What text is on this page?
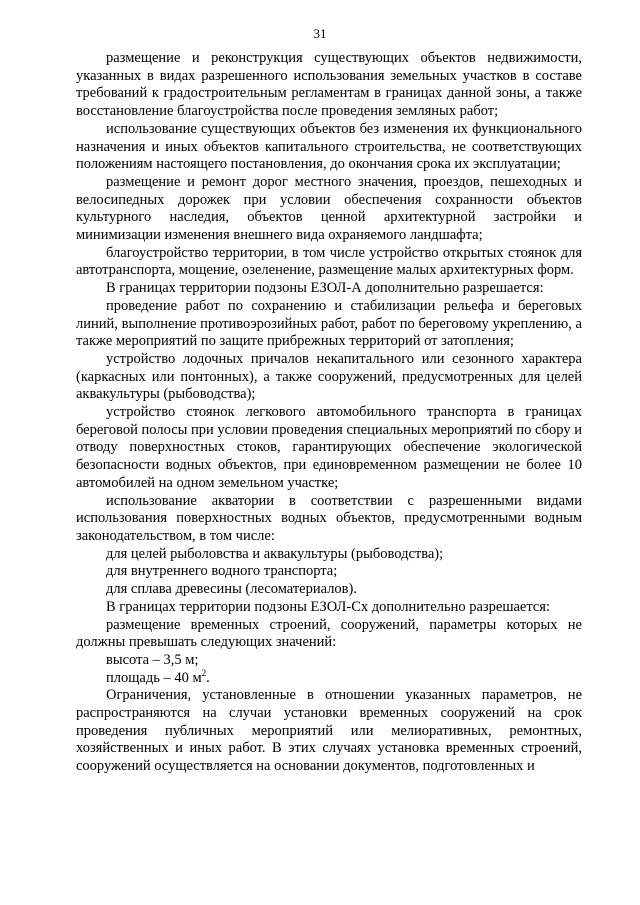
31

размещение и реконструкция существующих объектов недвижимости, указанных в видах разрешенного использования земельных участков в составе требований к градостроительным регламентам в границах данной зоны, а также восстановление благоустройства после проведения земляных работ;

использование существующих объектов без изменения их функционального назначения и иных объектов капитального строительства, не соответствующих положениям настоящего постановления, до окончания срока их эксплуатации;

размещение и ремонт дорог местного значения, проездов, пешеходных и велосипедных дорожек при условии обеспечения сохранности объектов культурного наследия, объектов ценной архитектурной застройки и минимизации изменения внешнего вида охраняемого ландшафта;

благоустройство территории, в том числе устройство открытых стоянок для автотранспорта, мощение, озеленение, размещение малых архитектурных форм.

В границах территории подзоны ЕЗОЛ-А дополнительно разрешается:

проведение работ по сохранению и стабилизации рельефа и береговых линий, выполнение противоэрозийных работ, работ по береговому укреплению, а также мероприятий по защите прибрежных территорий от затопления;

устройство лодочных причалов некапитального или сезонного характера (каркасных или понтонных), а также сооружений, предусмотренных для целей аквакультуры (рыбоводства);

устройство стоянок легкового автомобильного транспорта в границах береговой полосы при условии проведения специальных мероприятий по сбору и отводу поверхностных стоков, гарантирующих обеспечение экологической безопасности водных объектов, при единовременном размещении не более 10 автомобилей на одном земельном участке;

использование акватории в соответствии с разрешенными видами использования поверхностных водных объектов, предусмотренными водным законодательством, в том числе:

для целей рыболовства и аквакультуры (рыбоводства);

для внутреннего водного транспорта;

для сплава древесины (лесоматериалов).

В границах территории подзоны ЕЗОЛ-Сх дополнительно разрешается:

размещение временных строений, сооружений, параметры которых не должны превышать следующих значений:

высота – 3,5 м;

площадь – 40 $м^2$.

Ограничения, установленные в отношении указанных параметров, не распространяются на случаи установки временных сооружений на срок проведения публичных мероприятий или мелиоративных, ремонтных, хозяйственных и иных работ. В этих случаях установка временных строений, сооружений осуществляется на основании документов, подготовленных и
